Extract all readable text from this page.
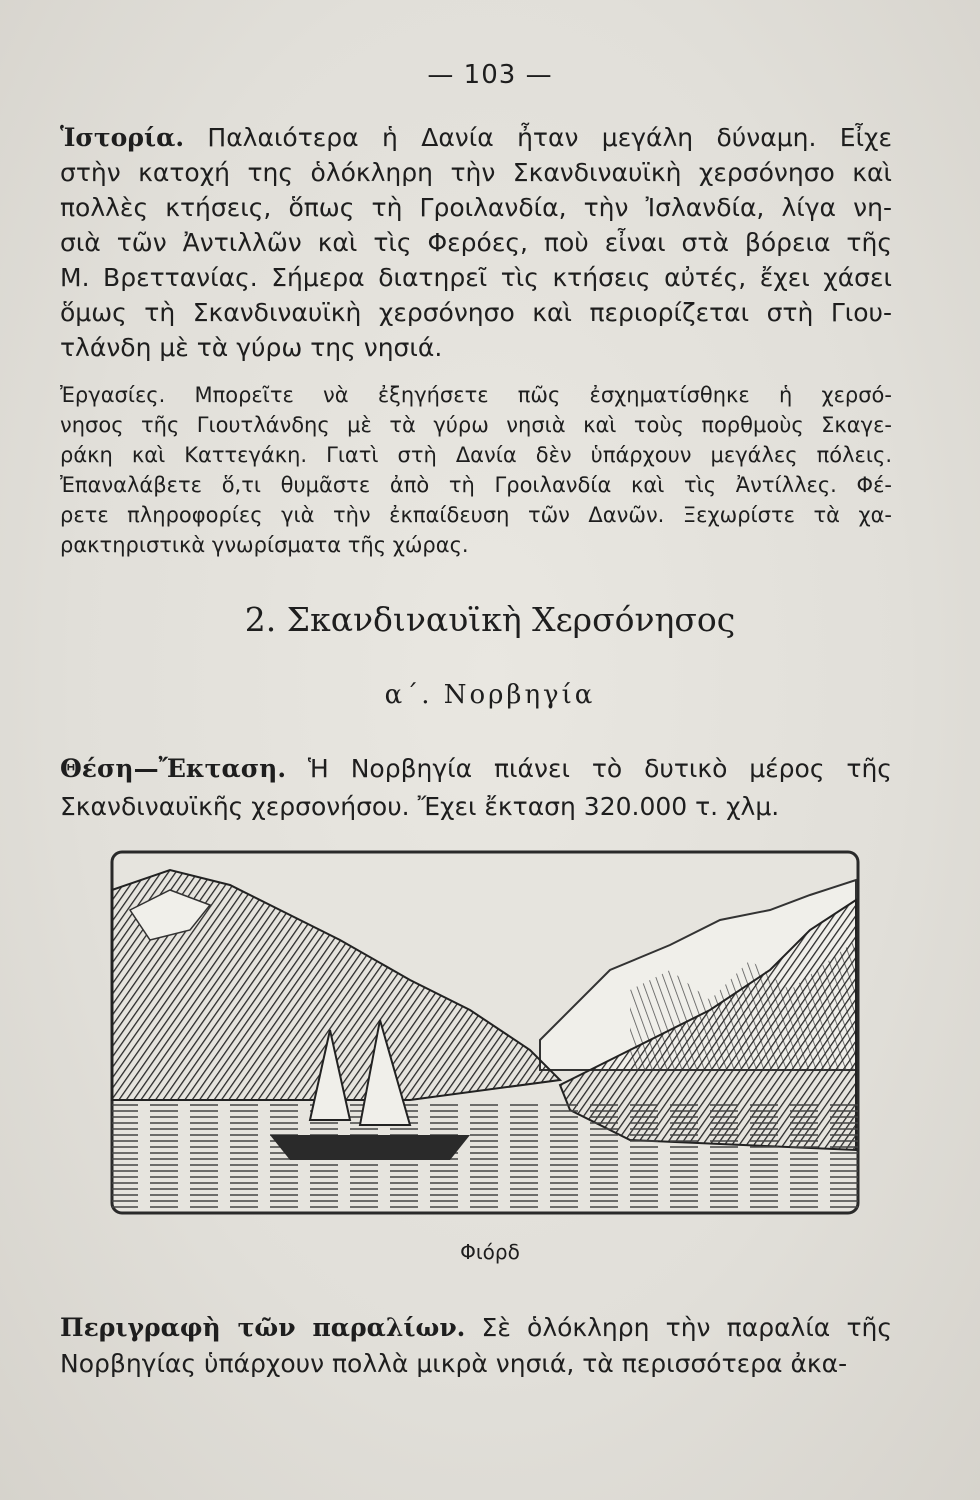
— 103 —

Ἱστορία. Παλαιότερα ἡ Δανία ἦταν μεγάλη δύναμη. Εἶχε
στὴν κατοχή της ὁλόκληρη τὴν Σκανδιναυϊκὴ χερσόνησο καὶ
πολλὲς κτήσεις, ὅπως τὴ Γροιλανδία, τὴν Ἰσλανδία, λίγα νη-
σιὰ τῶν Ἀντιλλῶν καὶ τὶς Φερόες, ποὺ εἶναι στὰ βόρεια τῆς
Μ. Βρεττανίας. Σήμερα διατηρεῖ τὶς κτήσεις αὐτές, ἔχει χάσει
ὅμως τὴ Σκανδιναυϊκὴ χερσόνησο καὶ περιορίζεται στὴ Γιου-
τλάνδη μὲ τὰ γύρω της νησιά.

Ἐργασίες. Μπορεῖτε νὰ ἐξηγήσετε πῶς ἐσχηματίσθηκε ἡ χερσό-
νησος τῆς Γιουτλάνδης μὲ τὰ γύρω νησιὰ καὶ τοὺς πορθμοὺς Σκαγε-
ράκη καὶ Καττεγάκη. Γιατὶ στὴ Δανία δὲν ὑπάρχουν μεγάλες πόλεις.
Ἐπαναλάβετε ὅ,τι θυμᾶστε ἀπὸ τὴ Γροιλανδία καὶ τὶς Ἀντίλλες. Φέ-
ρετε πληροφορίες γιὰ τὴν ἐκπαίδευση τῶν Δανῶν. Ξεχωρίστε τὰ χα-
ρακτηριστικὰ γνωρίσματα τῆς χώρας.

2. Σκανδιναυϊκὴ Χερσόνησος
α΄. Νορβηγία

Θέση—Ἔκταση. Ἡ Νορβηγία πιάνει τὸ δυτικὸ μέρος τῆς
Σκανδιναυϊκῆς χερσονήσου. Ἔχει ἔκταση 320.000 τ. χλμ.

Φιόρδ

Περιγραφὴ τῶν παραλίων. Σὲ ὁλόκληρη τὴν παραλία τῆς
Νορβηγίας ὑπάρχουν πολλὰ μικρὰ νησιά, τὰ περισσότερα ἀκα-
